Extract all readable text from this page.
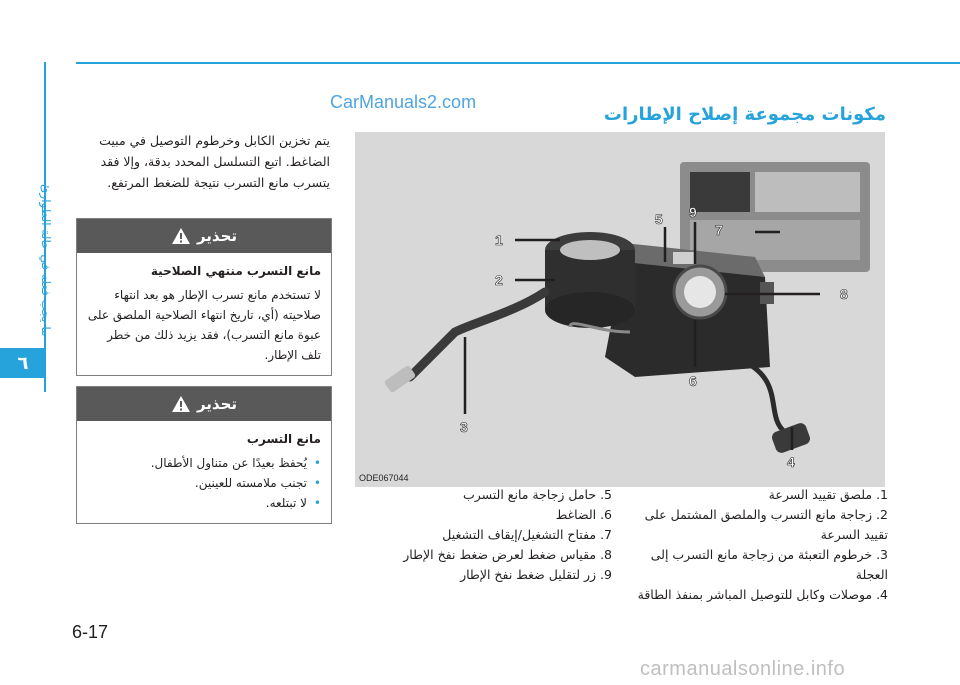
ما يجب فعله في حالة الطوارئ
٦
6-17
CarManuals2.com
carmanualsonline.info
مكونات مجموعة إصلاح الإطارات
1
2
3
4
5
6
7
8
9
ODE067044
1. ملصق تقييد السرعة
2. زجاجة مانع التسرب والملصق المشتمل على تقييد السرعة
3. خرطوم التعبئة من زجاجة مانع التسرب إلى العجلة
4. موصلات وكابل للتوصيل المباشر بمنفذ الطاقة
5. حامل زجاجة مانع التسرب
6. الضاغط
7. مفتاح التشغيل/إيقاف التشغيل
8. مقياس ضغط لعرض ضغط نفخ الإطار
9. زر لتقليل ضغط نفخ الإطار
يتم تخزين الكابل وخرطوم التوصيل في مبيت الضاغط. اتبع التسلسل المحدد بدقة، وإلا فقد يتسرب مانع التسرب نتيجة للضغط المرتفع.
تحذير
مانع التسرب منتهي الصلاحية
لا تستخدم مانع تسرب الإطار هو بعد انتهاء صلاحيته (أي، تاريخ انتهاء الصلاحية الملصق على عبوة مانع التسرب)، فقد يزيد ذلك من خطر تلف الإطار.
تحذير
مانع التسرب
• يُحفظ بعيدًا عن متناول الأطفال.
• تجنب ملامسته للعينين.
• لا تبتلعه.
